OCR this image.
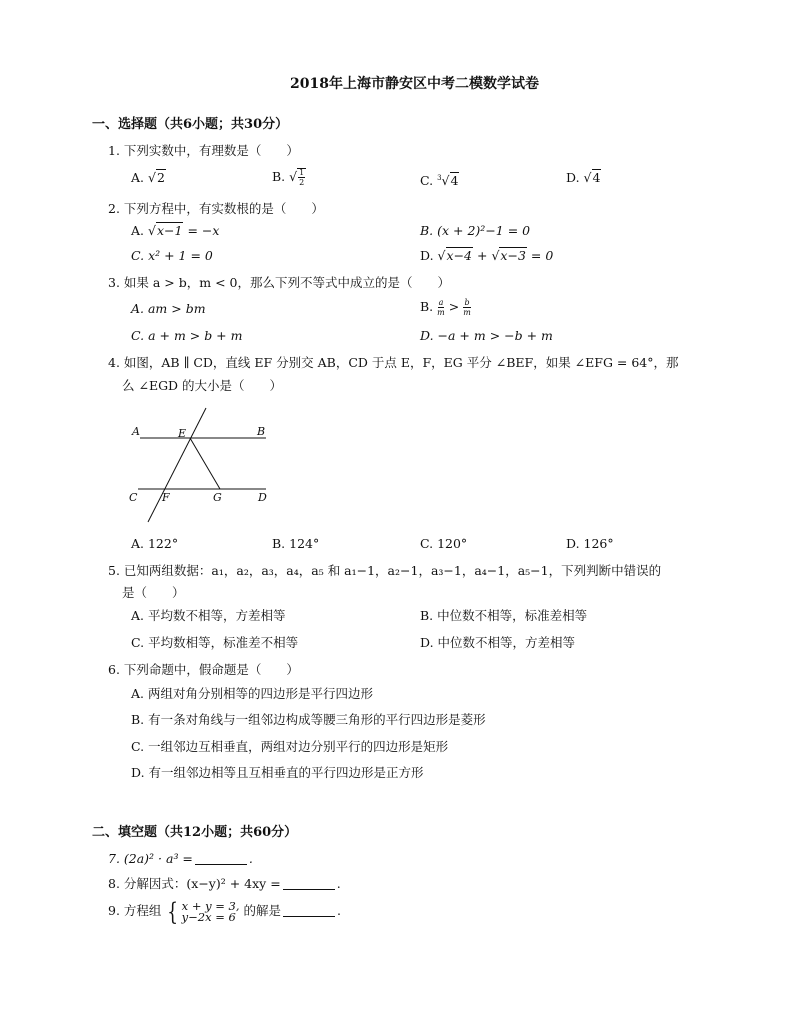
2018年上海市静安区中考二模数学试卷
一、选择题（共6小题；共30分）
1. 下列实数中，有理数是（　　）
A. √2	B. √ $\frac{1}{2}$	C. $^3$√4	D. √4
2. 下列方程中，有实数根的是（　　）
A. √x−1 = −x	B. (x + 2)²−1 = 0
C. x² + 1 = 0	D. √x−4 + √x−3 = 0
3. 如果 a > b，m < 0，那么下列不等式中成立的是（　　）
A. am > bm	B. $\frac{a}{m} > \frac{b}{m}$
C. a + m > b + m	D. −a + m > −b + m
4. 如图，AB ∥ CD，直线 EF 分别交 AB，CD 于点 E，F，EG 平分 ∠BEF，如果 ∠EFG = 64°，那
么 ∠EGD 的大小是（　　）
A	B
E
C F	G	D
A. 122°	B. 124°	C. 120°	D. 126°
5. 已知两组数据：a₁，a₂，a₃，a₄，a₅ 和 a₁−1，a₂−1，a₃−1，a₄−1，a₅−1，下列判断中错误的
是（　　）
A. 平均数不相等，方差相等	B. 中位数不相等，标准差相等
C. 平均数相等，标准差不相等	D. 中位数不相等，方差相等
6. 下列命题中，假命题是（　　）
A. 两组对角分别相等的四边形是平行四边形
B. 有一条对角线与一组邻边构成等腰三角形的平行四边形是菱形
C. 一组邻边互相垂直，两组对边分别平行的四边形是矩形
D. 有一组邻边相等且互相垂直的平行四边形是正方形
二、填空题（共12小题；共60分）
7. (2a)² · a³ =	.
8. 分解因式：(x−y)² + 4xy =	.
9. 方程组 { x + y = 3,
y−2x = 6 的解是	.
